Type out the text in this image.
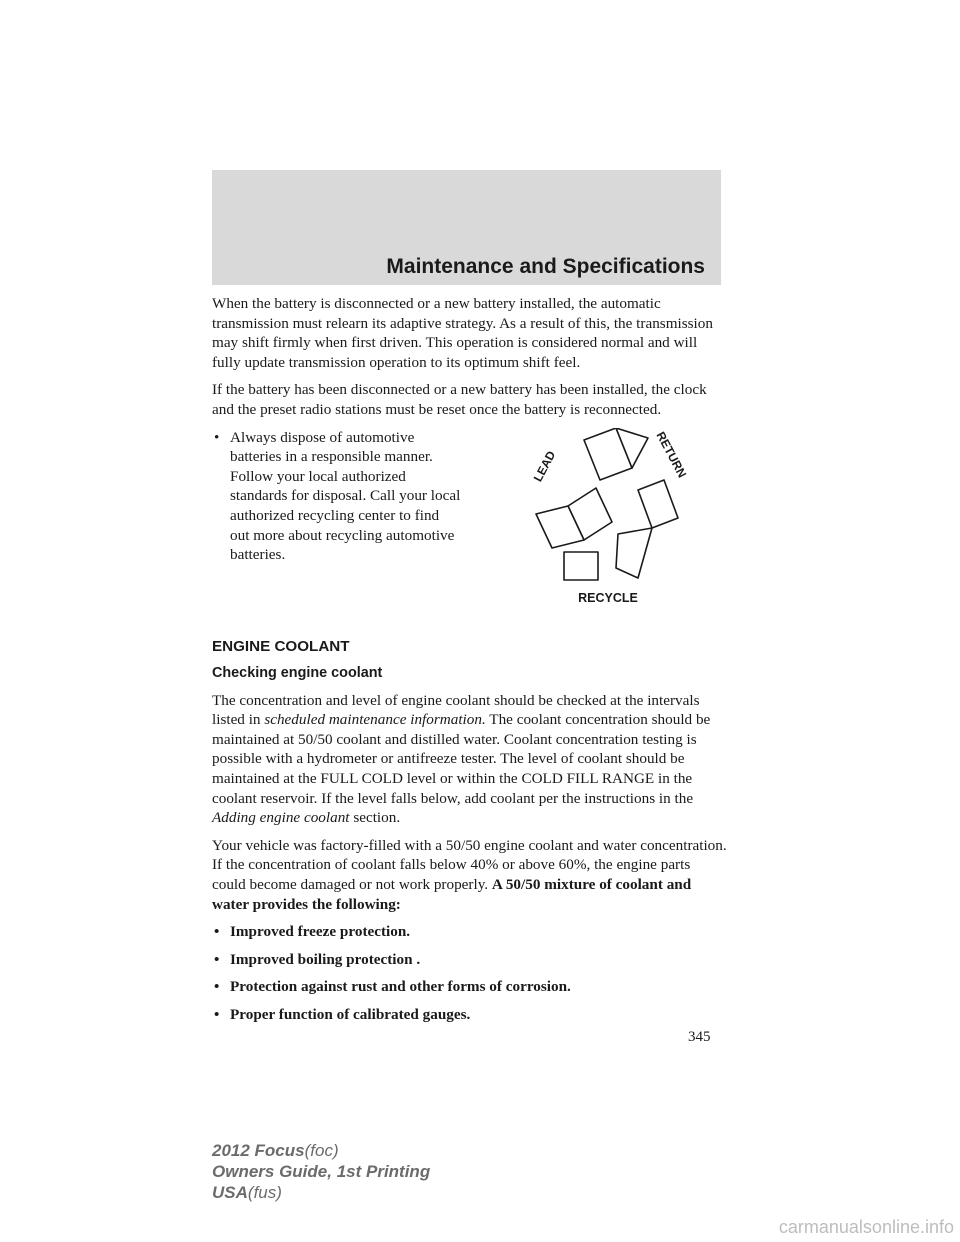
Maintenance and Specifications

When the battery is disconnected or a new battery installed, the automatic transmission must relearn its adaptive strategy. As a result of this, the transmission may shift firmly when first driven. This operation is considered normal and will fully update transmission operation to its optimum shift feel.

If the battery has been disconnected or a new battery has been installed, the clock and the preset radio stations must be reset once the battery is reconnected.

• Always dispose of automotive batteries in a responsible manner. Follow your local authorized standards for disposal. Call your local authorized recycling center to find out more about recycling automotive batteries.
LEAD	RETURN
RECYCLE
ENGINE COOLANT
Checking engine coolant

The concentration and level of engine coolant should be checked at the intervals listed in scheduled maintenance information. The coolant concentration should be maintained at 50/50 coolant and distilled water. Coolant concentration testing is possible with a hydrometer or antifreeze tester. The level of coolant should be maintained at the FULL COLD level or within the COLD FILL RANGE in the coolant reservoir. If the level falls below, add coolant per the instructions in the Adding engine coolant section.

Your vehicle was factory-filled with a 50/50 engine coolant and water concentration. If the concentration of coolant falls below 40% or above 60%, the engine parts could become damaged or not work properly. A 50/50 mixture of coolant and water provides the following:

• Improved freeze protection.
• Improved boiling protection .
• Protection against rust and other forms of corrosion.
• Proper function of calibrated gauges.
345
2012 Focus(foc)
Owners Guide, 1st Printing
USA(fus)
carmanualsonline.info
